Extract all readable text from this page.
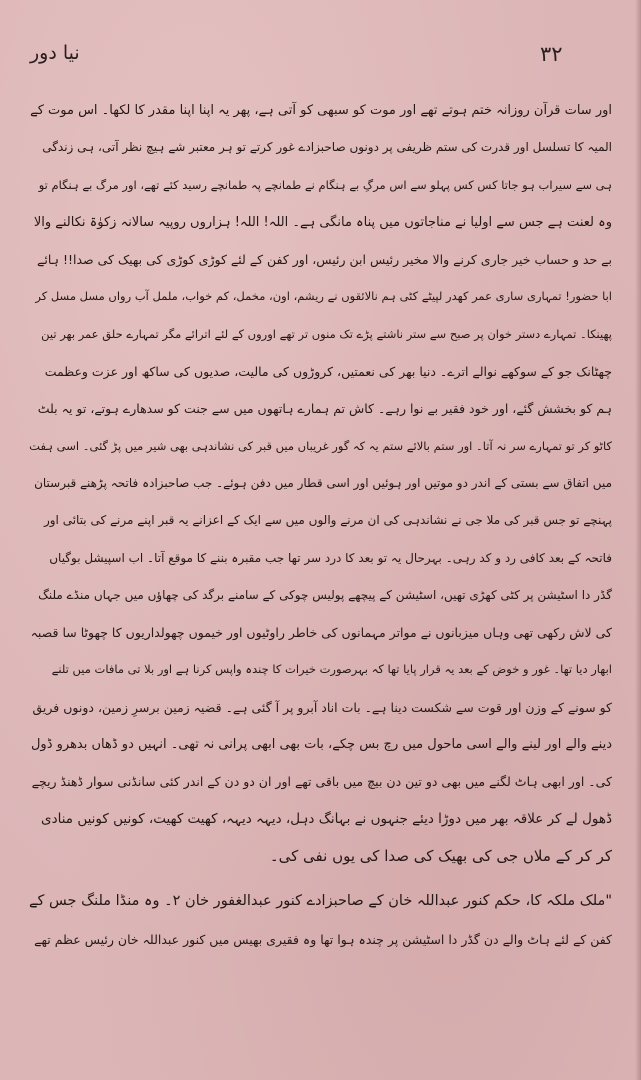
۳۲
نیا دور
اور سات قرآن روزانہ ختم ہوتے تھے اور موت کو سبھی کو آتی ہے، پھر یہ اپنا اپنا مقدر کا لکھا۔ اس موت کے
المیہ کا تسلسل اور قدرت کی ستم ظریفی پر دونوں صاحبزادے غور کرتے تو ہر معتبر شے ہیچ نظر آتی، ہی زندگی
ہی سے سیراب ہو جاتا کس کس پہلو سے اس مرگِ بے ہنگام نے طمانچے پہ طمانچے رسید کئے تھے، اور مرگ بے ہنگام تو
وہ لعنت ہے جس سے اولیا نے مناجاتوں میں پناہ مانگی ہے۔ اللہ! اللہ! ہزاروں روپیہ سالانہ زکوٰۃ نکالنے والا
بے حد و حساب خیر جاری کرنے والا مخیر رئیس ابن رئیس، اور کفن کے لئے کوڑی کوڑی کی بھیک کی صدا!! ہائے
ابا حضور! تمہاری ساری عمر کھدر لپیٹے کٹی ہم نالائقوں نے ریشم، اون، مخمل، کم خواب، ململ آب رواں مسل مسل کر
پھینکا۔ تمہارے دستر خوان پر صبح سے ستر ناشتے پڑے تک منوں تر تھے اوروں کے لئے اترائے مگر تمہارے حلق عمر بھر تین
چھٹانک جو کے سوکھے نوالے اترے۔ دنیا بھر کی نعمتیں، کروڑوں کی مالیت، صدیوں کی ساکھ اور عزت وعظمت
ہم کو بخشش گئے، اور خود فقیر بے نوا رہے۔ کاش تم ہمارے ہاتھوں میں سے جنت کو سدھارے ہوتے، تو یہ بلٹ
کاٹو کر تو تمہارے سر نہ آتا۔ اور ستم بالائے ستم یہ کہ گور غریباں میں قبر کی نشاندہی بھی شیر میں پڑ گئی۔ اسی ہفت
میں اتفاق سے بستی کے اندر دو موتیں اور ہوئیں اور اسی قطار میں دفن ہوئے۔ جب صاحبزادہ فاتحہ پڑھنے قبرستان
پہنچے تو جس قبر کی ملا جی نے نشاندہی کی ان مرنے والوں میں سے ایک کے اعزانے یہ قبر اپنے مرنے کی بتائی اور
فاتحہ کے بعد کافی رد و کد رہی۔ بہرحال یہ تو بعد کا درد سر تھا جب مقبرہ بننے کا موقع آتا۔ اب اسپیشل بوگیاں
گڈر دا اسٹیشن پر کٹی کھڑی تھیں، اسٹیشن کے پیچھے پولیس چوکی کے سامنے برگد کی چھاؤں میں جہاں منڈے ملنگ
کی لاش رکھی تھی وہاں میزبانوں نے مواتر مہمانوں کی خاطر راوٹیوں اور خیموں چھولداریوں کا چھوٹا سا قصبہ
ابھار دیا تھا۔ غور و خوض کے بعد یہ قرار پایا تھا کہ بہرصورت خیرات کا چندہ واپس کرنا ہے اور بلا تی مافات میں تلنے
کو سونے کے وزن اور قوت سے شکست دینا ہے۔ بات اناد آبرو پر آ گئی ہے۔ قضیہ زمین برسرِ زمین، دونوں فریق
دینے والے اور لینے والے اسی ماحول میں رچ بس چکے، بات بھی ابھی پرانی نہ تھی۔ انہیں دو ڈھاں بدھرو ڈول
کی۔ اور ابھی ہاٹ لگنے میں بھی دو تین دن بیچ میں باقی تھے اور ان دو دن کے اندر کئی سانڈنی سوار ڈھنڈ ریچے
ڈھول لے کر علاقہ بھر میں دوڑا دیئے جنہوں نے بہانگ دہل، دیہہ دیہہ، کھیت کھیت، کونیں کونیں منادی
کر کر کے ملاں جی کی بھیک کی صدا کی یوں نفی کی۔
"ملک ملکہ کا، حکم کنور عبداللہ خان کے صاحبزادے کنور عبدالغفور خان ۲۔ وہ منڈا ملنگ جس کے
کفن کے لئے ہاٹ والے دن گڈر دا اسٹیشن پر چندہ ہوا تھا وہ فقیری بھیس میں کنور عبداللہ خان رئیس عظم تھے
